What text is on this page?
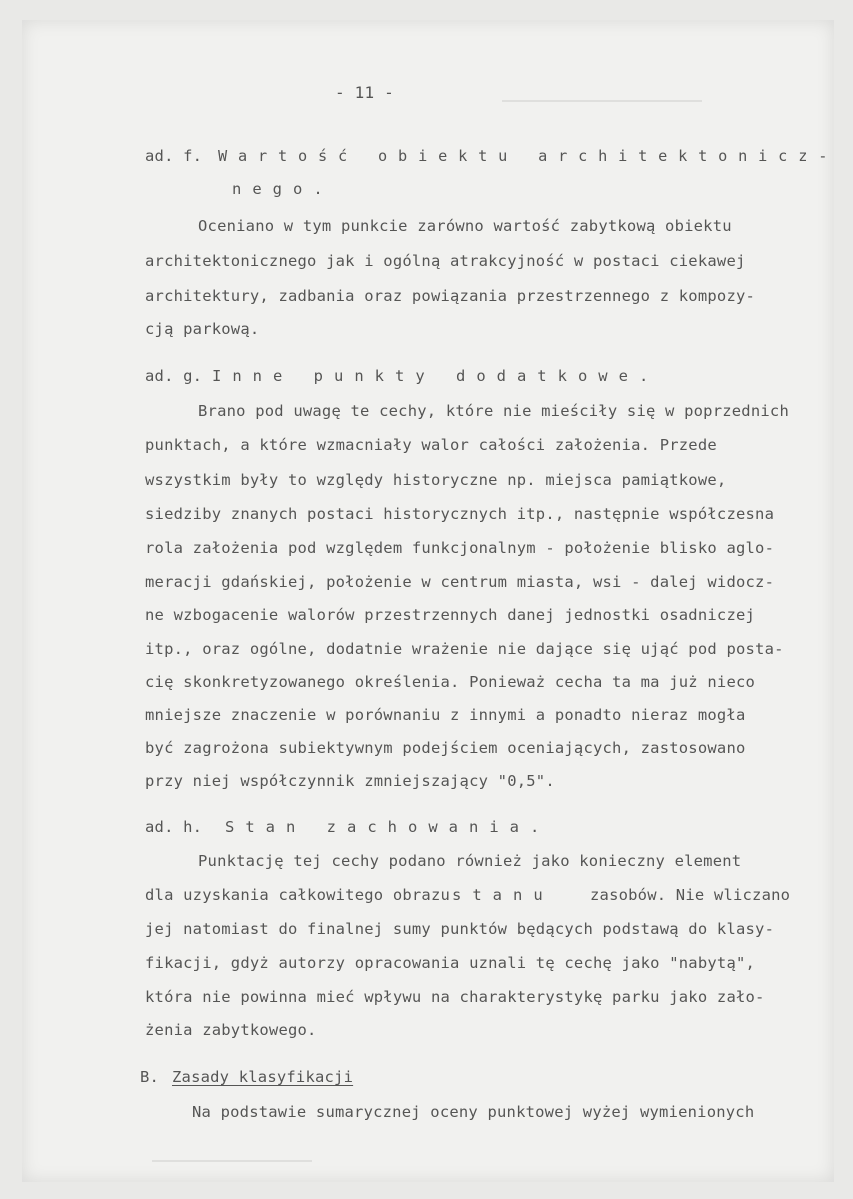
- 11 -
ad. f. Wartość obiektu architektonicz-
nego.
Oceniano w tym punkcie zarówno wartość zabytkową obiektu
architektonicznego jak i ogólną atrakcyjność w postaci ciekawej
architektury, zadbania oraz powiązania przestrzennego z kompozy-
cją parkową.
ad. g. Inne punkty dodatkowe.
Brano pod uwagę te cechy, które nie mieściły się w poprzednich
punktach, a które wzmacniały walor całości założenia. Przede
wszystkim były to względy historyczne np. miejsca pamiątkowe,
siedziby znanych postaci historycznych itp., następnie współczesna
rola założenia pod względem funkcjonalnym - położenie blisko aglo-
meracji gdańskiej, położenie w centrum miasta, wsi - dalej widocz-
ne wzbogacenie walorów przestrzennych danej jednostki osadniczej
itp., oraz ogólne, dodatnie wrażenie nie dające się ująć pod posta-
cię skonkretyzowanego określenia. Ponieważ cecha ta ma już nieco
mniejsze znaczenie w porównaniu z innymi a ponadto nieraz mogła
być zagrożona subiektywnym podejściem oceniających, zastosowano
przy niej współczynnik zmniejszający "0,5".
ad. h. Stan zachowania.
Punktację tej cechy podano również jako konieczny element
dla uzyskania całkowitego obrazu stanu zasobów. Nie wliczano
jej natomiast do finalnej sumy punktów będących podstawą do klasy-
fikacji, gdyż autorzy opracowania uznali tę cechę jako "nabytą",
która nie powinna mieć wpływu na charakterystykę parku jako zało-
żenia zabytkowego.
B. Zasady klasyfikacji
Na podstawie sumarycznej oceny punktowej wyżej wymienionych
